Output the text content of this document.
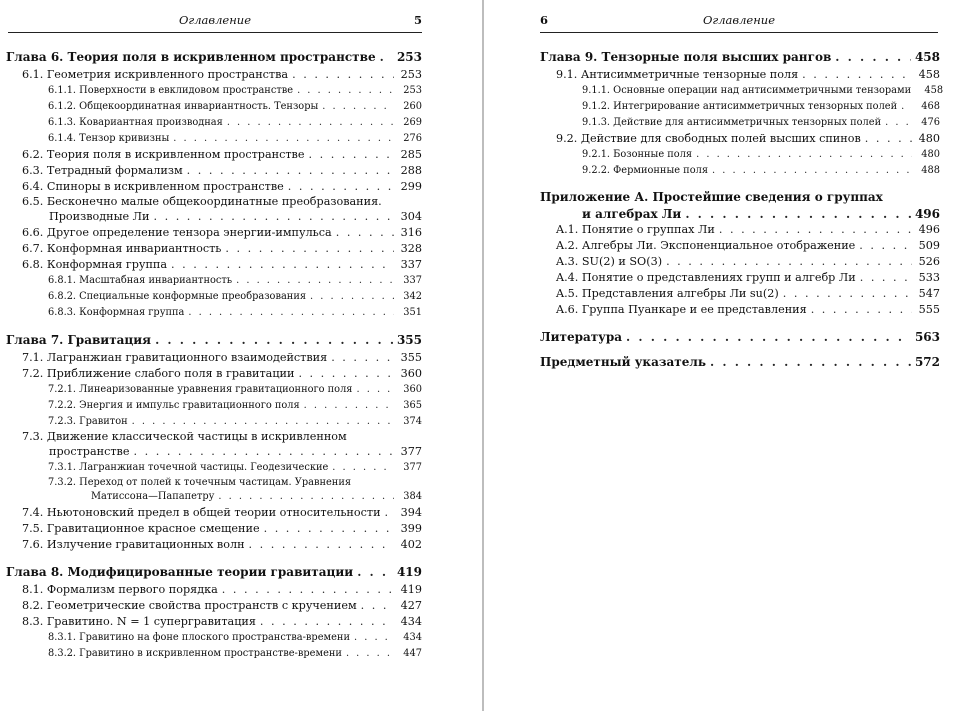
Оглавление	5
Глава 6. Теория поля в искривленном пространстве . . . 253
6.1. Геометрия искривленного пространства . . .	253
6.1.1. Поверхности в евклидовом пространстве . . .	253
6.1.2. Общекоординатная инвариантность. Тензоры . . .	260
6.1.3. Ковариантная производная . . .	269
6.1.4. Тензор кривизны . . .	276
6.2. Теория поля в искривленном пространстве . . .	285
6.3. Тетрадный формализм . . .	288
6.4. Спиноры в искривленном пространстве . . .	299
6.5. Бесконечно малые общекоординатные преобразования.
Производные Ли . . .	304
6.6. Другое определение тензора энергии-импульса . . .	316
6.7. Конформная инвариантность . . .	328
6.8. Конформная группа . . .	337
6.8.1. Масштабная инвариантность . . .	337
6.8.2. Специальные конформные преобразования . . .	342
6.8.3. Конформная группа . . .	351
Глава 7. Гравитация . . .	355
7.1. Лагранжиан гравитационного взаимодействия . . .	355
7.2. Приближение слабого поля в гравитации . . .	360
7.2.1. Линеаризованные уравнения гравитационного поля . . .	360
7.2.2. Энергия и импульс гравитационного поля . . .	365
7.2.3. Гравитон . . .	374
7.3. Движение классической частицы в искривленном
пространстве . . .	377
7.3.1. Лагранжиан точечной частицы. Геодезические . . .	377
7.3.2. Переход от полей к точечным частицам. Уравнения
Матиссона—Папапетру . . .	384
7.4. Ньютоновский предел в общей теории относительности . . . 394
7.5. Гравитационное красное смещение . . .	399
7.6. Излучение гравитационных волн . . .	402
Глава 8. Модифицированные теории гравитации . . .	419
8.1. Формализм первого порядка . . .	419
8.2. Геометрические свойства пространств с кручением . . .	427
8.3. Гравитино. N = 1 супергравитация . . .	434
8.3.1. Гравитино на фоне плоского пространства-времени . . .	434
8.3.2. Гравитино в искривленном пространстве-времени . . .	447
6	Оглавление
Глава 9. Тензорные поля высших рангов . . .	458
9.1. Антисимметричные тензорные поля . . .	458
9.1.1. Основные операции над антисимметричными тензорами	458
9.1.2. Интегрирование антисимметричных тензорных полей . . .	468
9.1.3. Действие для антисимметричных тензорных полей . . .	476
9.2. Действие для свободных полей высших спинов . . .	480
9.2.1. Бозонные поля . . .	480
9.2.2. Фермионные поля . . .	488
Приложение А. Простейшие сведения о группах
и алгебрах Ли . . .	496
A.1. Понятие о группах Ли . . .	496
A.2. Алгебры Ли. Экспоненциальное отображение . . .	509
A.3. SU(2) и SO(3) . . .	526
A.4. Понятие о представлениях групп и алгебр Ли . . .	533
A.5. Представления алгебры Ли su(2) . . .	547
A.6. Группа Пуанкаре и ее представления . . .	555
Литература . . .	563
Предметный указатель . . .	572
